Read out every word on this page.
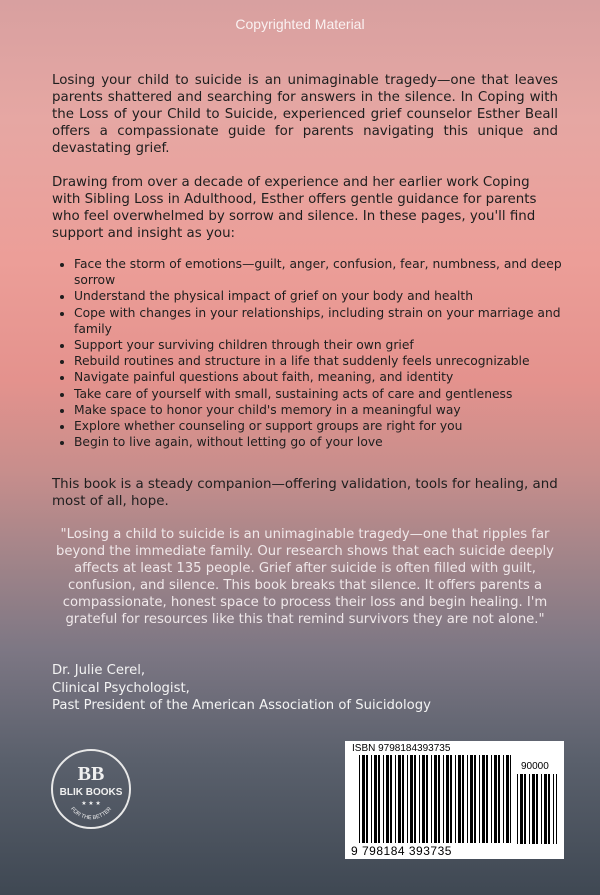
Copyrighted Material
Losing your child to suicide is an unimaginable tragedy—one that leaves parents shattered and searching for answers in the silence. In Coping with the Loss of your Child to Suicide, experienced grief counselor Esther Beall offers a compassionate guide for parents navigating this unique and devastating grief.
Drawing from over a decade of experience and her earlier work Coping with Sibling Loss in Adulthood, Esther offers gentle guidance for parents who feel overwhelmed by sorrow and silence. In these pages, you'll find support and insight as you:
• Face the storm of emotions—guilt, anger, confusion, fear, numbness, and deep sorrow
• Understand the physical impact of grief on your body and health
• Cope with changes in your relationships, including strain on your marriage and family
• Support your surviving children through their own grief
• Rebuild routines and structure in a life that suddenly feels unrecognizable
• Navigate painful questions about faith, meaning, and identity
• Take care of yourself with small, sustaining acts of care and gentleness
• Make space to honor your child's memory in a meaningful way
• Explore whether counseling or support groups are right for you
• Begin to live again, without letting go of your love
This book is a steady companion—offering validation, tools for healing, and most of all, hope.
"Losing a child to suicide is an unimaginable tragedy—one that ripples far beyond the immediate family. Our research shows that each suicide deeply affects at least 135 people. Grief after suicide is often filled with guilt, confusion, and silence. This book breaks that silence. It offers parents a compassionate, honest space to process their loss and begin healing. I'm grateful for resources like this that remind survivors they are not alone."
Dr. Julie Cerel,
Clinical Psychologist,
Past President of the American Association of Suicidology
BB
BLIK BOOKS
★ ★ ★
FOR THE BETTER
ISBN 9798184393735
90000
9 798184 393735
